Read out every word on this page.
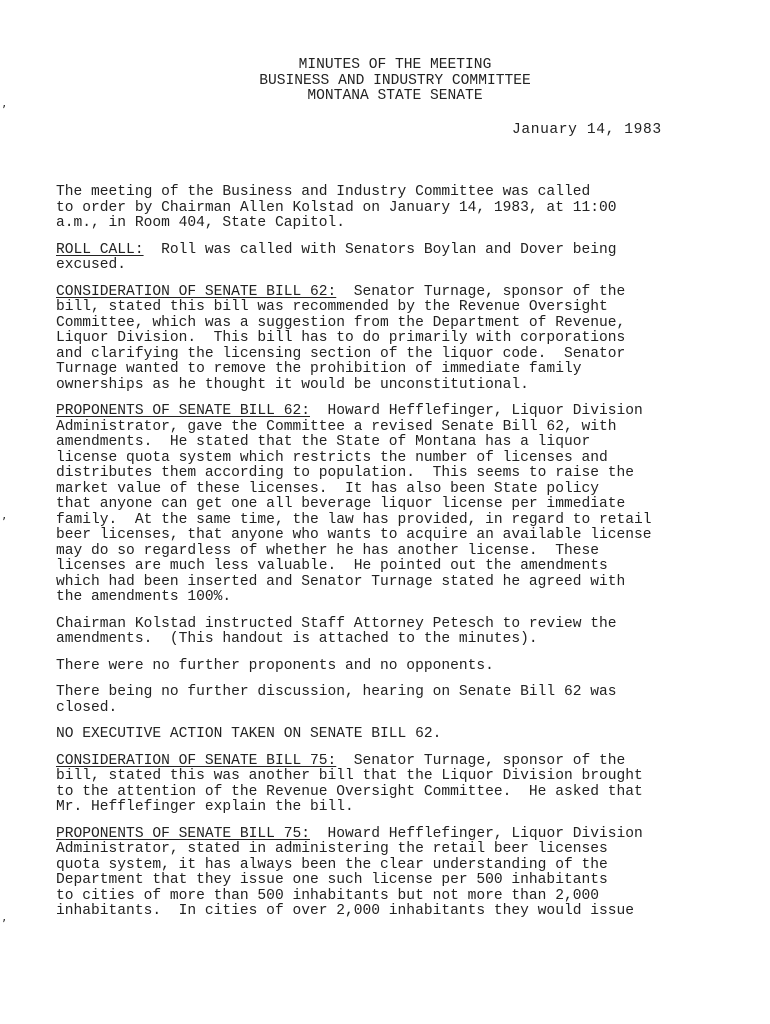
MINUTES OF THE MEETING
BUSINESS AND INDUSTRY COMMITTEE
MONTANA STATE SENATE
January 14, 1983

The meeting of the Business and Industry Committee was called
to order by Chairman Allen Kolstad on January 14, 1983, at 11:00
a.m., in Room 404, State Capitol.

ROLL CALL:  Roll was called with Senators Boylan and Dover being
excused.

CONSIDERATION OF SENATE BILL 62:  Senator Turnage, sponsor of the
bill, stated this bill was recommended by the Revenue Oversight
Committee, which was a suggestion from the Department of Revenue,
Liquor Division.  This bill has to do primarily with corporations
and clarifying the licensing section of the liquor code.  Senator
Turnage wanted to remove the prohibition of immediate family
ownerships as he thought it would be unconstitutional.

PROPONENTS OF SENATE BILL 62:  Howard Hefflefinger, Liquor Division
Administrator, gave the Committee a revised Senate Bill 62, with
amendments.  He stated that the State of Montana has a liquor
license quota system which restricts the number of licenses and
distributes them according to population.  This seems to raise the
market value of these licenses.  It has also been State policy
that anyone can get one all beverage liquor license per immediate
family.  At the same time, the law has provided, in regard to retail
beer licenses, that anyone who wants to acquire an available license
may do so regardless of whether he has another license.  These
licenses are much less valuable.  He pointed out the amendments
which had been inserted and Senator Turnage stated he agreed with
the amendments 100%.

Chairman Kolstad instructed Staff Attorney Petesch to review the
amendments.  (This handout is attached to the minutes).

There were no further proponents and no opponents.

There being no further discussion, hearing on Senate Bill 62 was
closed.

NO EXECUTIVE ACTION TAKEN ON SENATE BILL 62.

CONSIDERATION OF SENATE BILL 75:  Senator Turnage, sponsor of the
bill, stated this was another bill that the Liquor Division brought
to the attention of the Revenue Oversight Committee.  He asked that
Mr. Hefflefinger explain the bill.

PROPONENTS OF SENATE BILL 75:  Howard Hefflefinger, Liquor Division
Administrator, stated in administering the retail beer licenses
quota system, it has always been the clear understanding of the
Department that they issue one such license per 500 inhabitants
to cities of more than 500 inhabitants but not more than 2,000
inhabitants.  In cities of over 2,000 inhabitants they would issue

’
’
’
